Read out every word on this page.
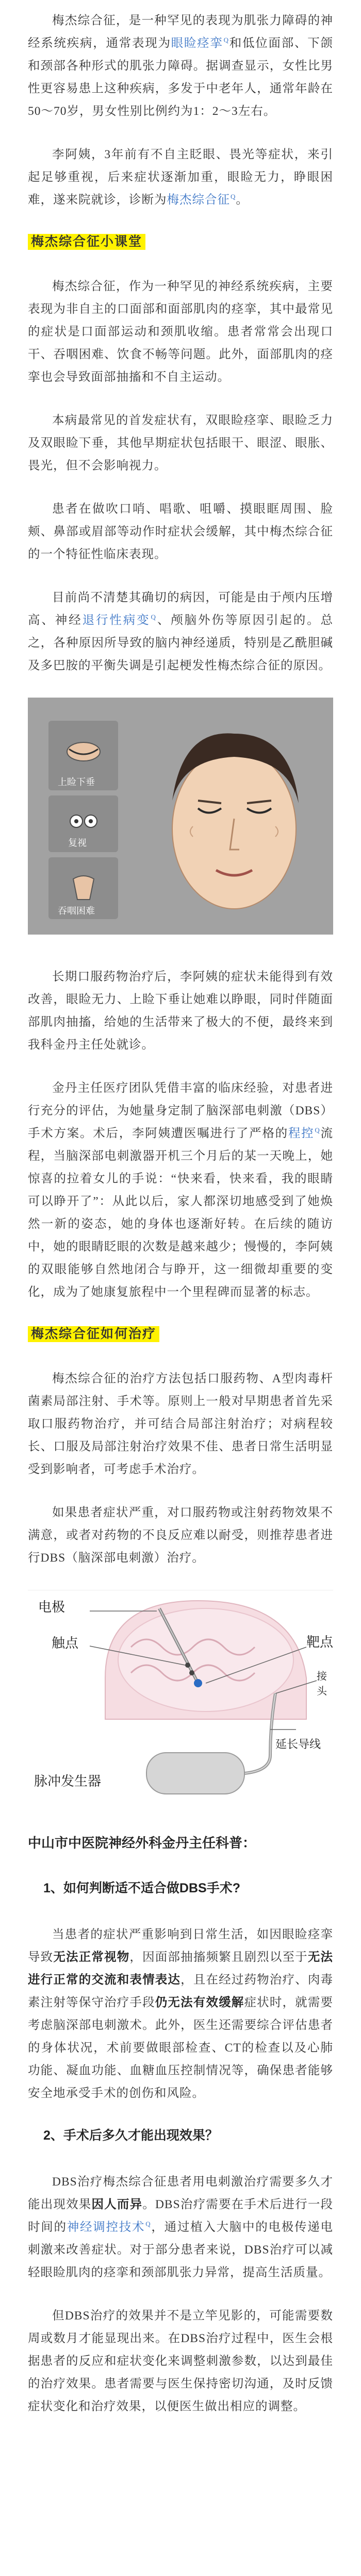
梅杰综合征，是一种罕见的表现为肌张力障碍的神经系统疾病，通常表现为眼睑痉挛$^Q$和低位面部、下颌和颈部各种形式的肌张力障碍。据调查显示，女性比男性更容易患上这种疾病，多发于中老年人，通常年龄在50～70岁，男女性别比例约为1：2～3左右。

李阿姨，3年前有不自主眨眼、畏光等症状，来引起足够重视，后来症状逐渐加重，眼睑无力，睁眼困难，遂来院就诊，诊断为梅杰综合征$^Q$。

梅杰综合征小课堂

梅杰综合征，作为一种罕见的神经系统疾病，主要表现为非自主的口面部和面部肌肉的痉挛，其中最常见的症状是口面部运动和颈肌收缩。患者常常会出现口干、吞咽困难、饮食不畅等问题。此外，面部肌肉的痉挛也会导致面部抽搐和不自主运动。

本病最常见的首发症状有，双眼睑痉挛、眼睑乏力及双眼睑下垂，其他早期症状包括眼干、眼涩、眼胀、畏光，但不会影响视力。

患者在做吹口哨、唱歌、咀嚼、摸眼眶周围、脸颊、鼻部或眉部等动作时症状会缓解，其中梅杰综合征的一个特征性临床表现。

目前尚不清楚其确切的病因，可能是由于颅内压增高、神经退行性病变$^Q$、颅脑外伤等原因引起的。总之，各种原因所导致的脑内神经递质，特别是乙酰胆碱及多巴胺的平衡失调是引起梗发性梅杰综合征的原因。

上睑下垂
复视
吞咽困难

长期口服药物治疗后，李阿姨的症状未能得到有效改善，眼睑无力、上睑下垂让她难以睁眼，同时伴随面部肌肉抽搐，给她的生活带来了极大的不便，最终来到我科金丹主任处就诊。

金丹主任医疗团队凭借丰富的临床经验，对患者进行充分的评估，为她量身定制了脑深部电刺激（DBS）手术方案。术后，李阿姨遭医嘱进行了严格的程控$^Q$流程，当脑深部电刺激器开机三个月后的某一天晚上，她惊喜的拉着女儿的手说：“快来看，快来看，我的眼睛可以睁开了”：从此以后，家人都深切地感受到了她焕然一新的姿态，她的身体也逐渐好转。在后续的随访中，她的眼睛眨眼的次数是越来越少；慢慢的，李阿姨的双眼能够自然地闭合与睁开，这一细微却重要的变化，成为了她康复旅程中一个里程碑而显著的标志。

梅杰综合征如何治疗

梅杰综合征的治疗方法包括口服药物、A型肉毒杆菌素局部注射、手术等。原则上一般对早期患者首先采取口服药物治疗，并可结合局部注射治疗；对病程较长、口服及局部注射治疗效果不佳、患者日常生活明显受到影响者，可考虑手术治疗。

如果患者症状严重，对口服药物或注射药物效果不满意，或者对药物的不良反应难以耐受，则推荐患者进行DBS（脑深部电刺激）治疗。

电极
触点	靶点
接头
延长导线
脉冲发生器
中山市中医院神经外科金丹主任科普：
1、如何判断适不适合做DBS手术?

当患者的症状严重影响到日常生活，如因眼睑痉挛导致无法正常视物，因面部抽搐频繁且剧烈以至于无法进行正常的交流和表情表达，且在经过药物治疗、肉毒素注射等保守治疗手段仍无法有效缓解症状时，就需要考虑脑深部电刺激术。此外，医生还需要综合评估患者的身体状况，术前要做眼部检查、CT的检查以及心肺功能、凝血功能、血糖血压控制情况等，确保患者能够安全地承受手术的创伤和风险。

2、手术后多久才能出现效果？

DBS治疗梅杰综合征患者用电刺激治疗需要多久才能出现效果因人而异。DBS治疗需要在手术后进行一段时间的神经调控技术$^Q$，通过植入大脑中的电极传递电刺激来改善症状。对于部分患者来说，DBS治疗可以减轻眼睑肌肉的痉挛和颈部肌张力异常，提高生活质量。

但DBS治疗的效果并不是立竿见影的，可能需要数周或数月才能显现出来。在DBS治疗过程中，医生会根据患者的反应和症状变化来调整刺激参数，以达到最佳的治疗效果。患者需要与医生保持密切沟通，及时反馈症状变化和治疗效果，以便医生做出相应的调整。
